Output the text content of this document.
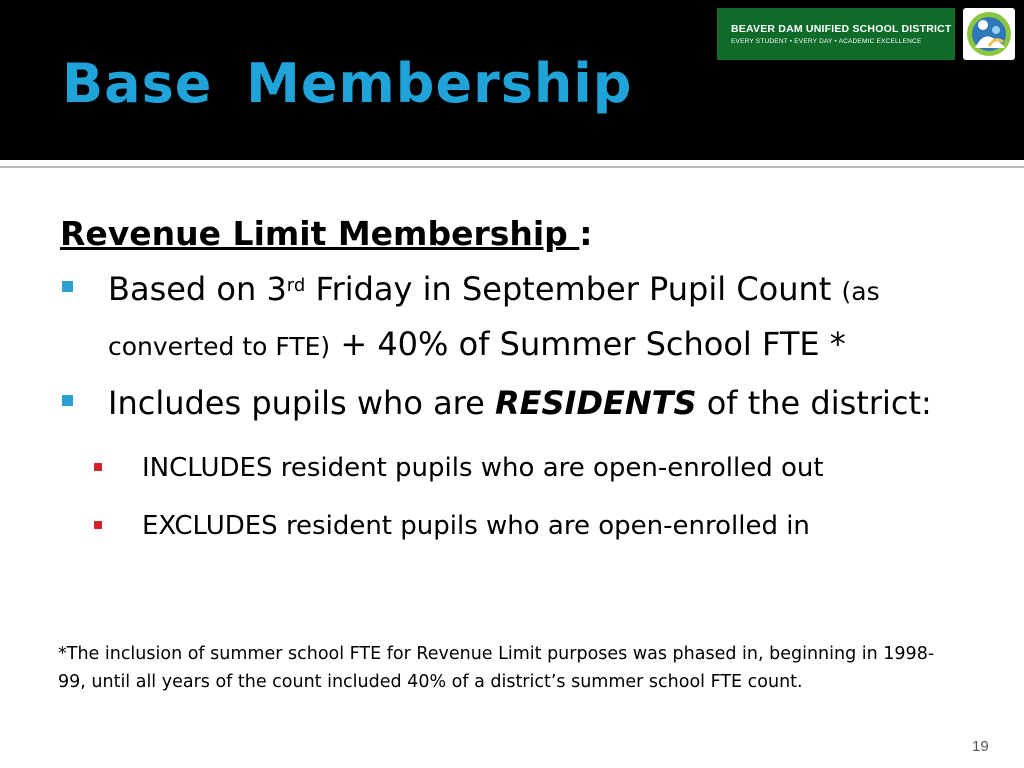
Base Membership
BEAVER DAM UNIFIED SCHOOL DISTRICT
EVERY STUDENT • EVERY DAY • ACADEMIC EXCELLENCE
Revenue Limit Membership :
Based on 3rd Friday in September Pupil Count (as converted to FTE) + 40% of Summer School FTE *
Includes pupils who are RESIDENTS of the district:
INCLUDES resident pupils who are open-enrolled out
EXCLUDES resident pupils who are open-enrolled in
*The inclusion of summer school FTE for Revenue Limit purposes was phased in, beginning in 1998-99, until all years of the count included 40% of a district’s summer school FTE count.
19
